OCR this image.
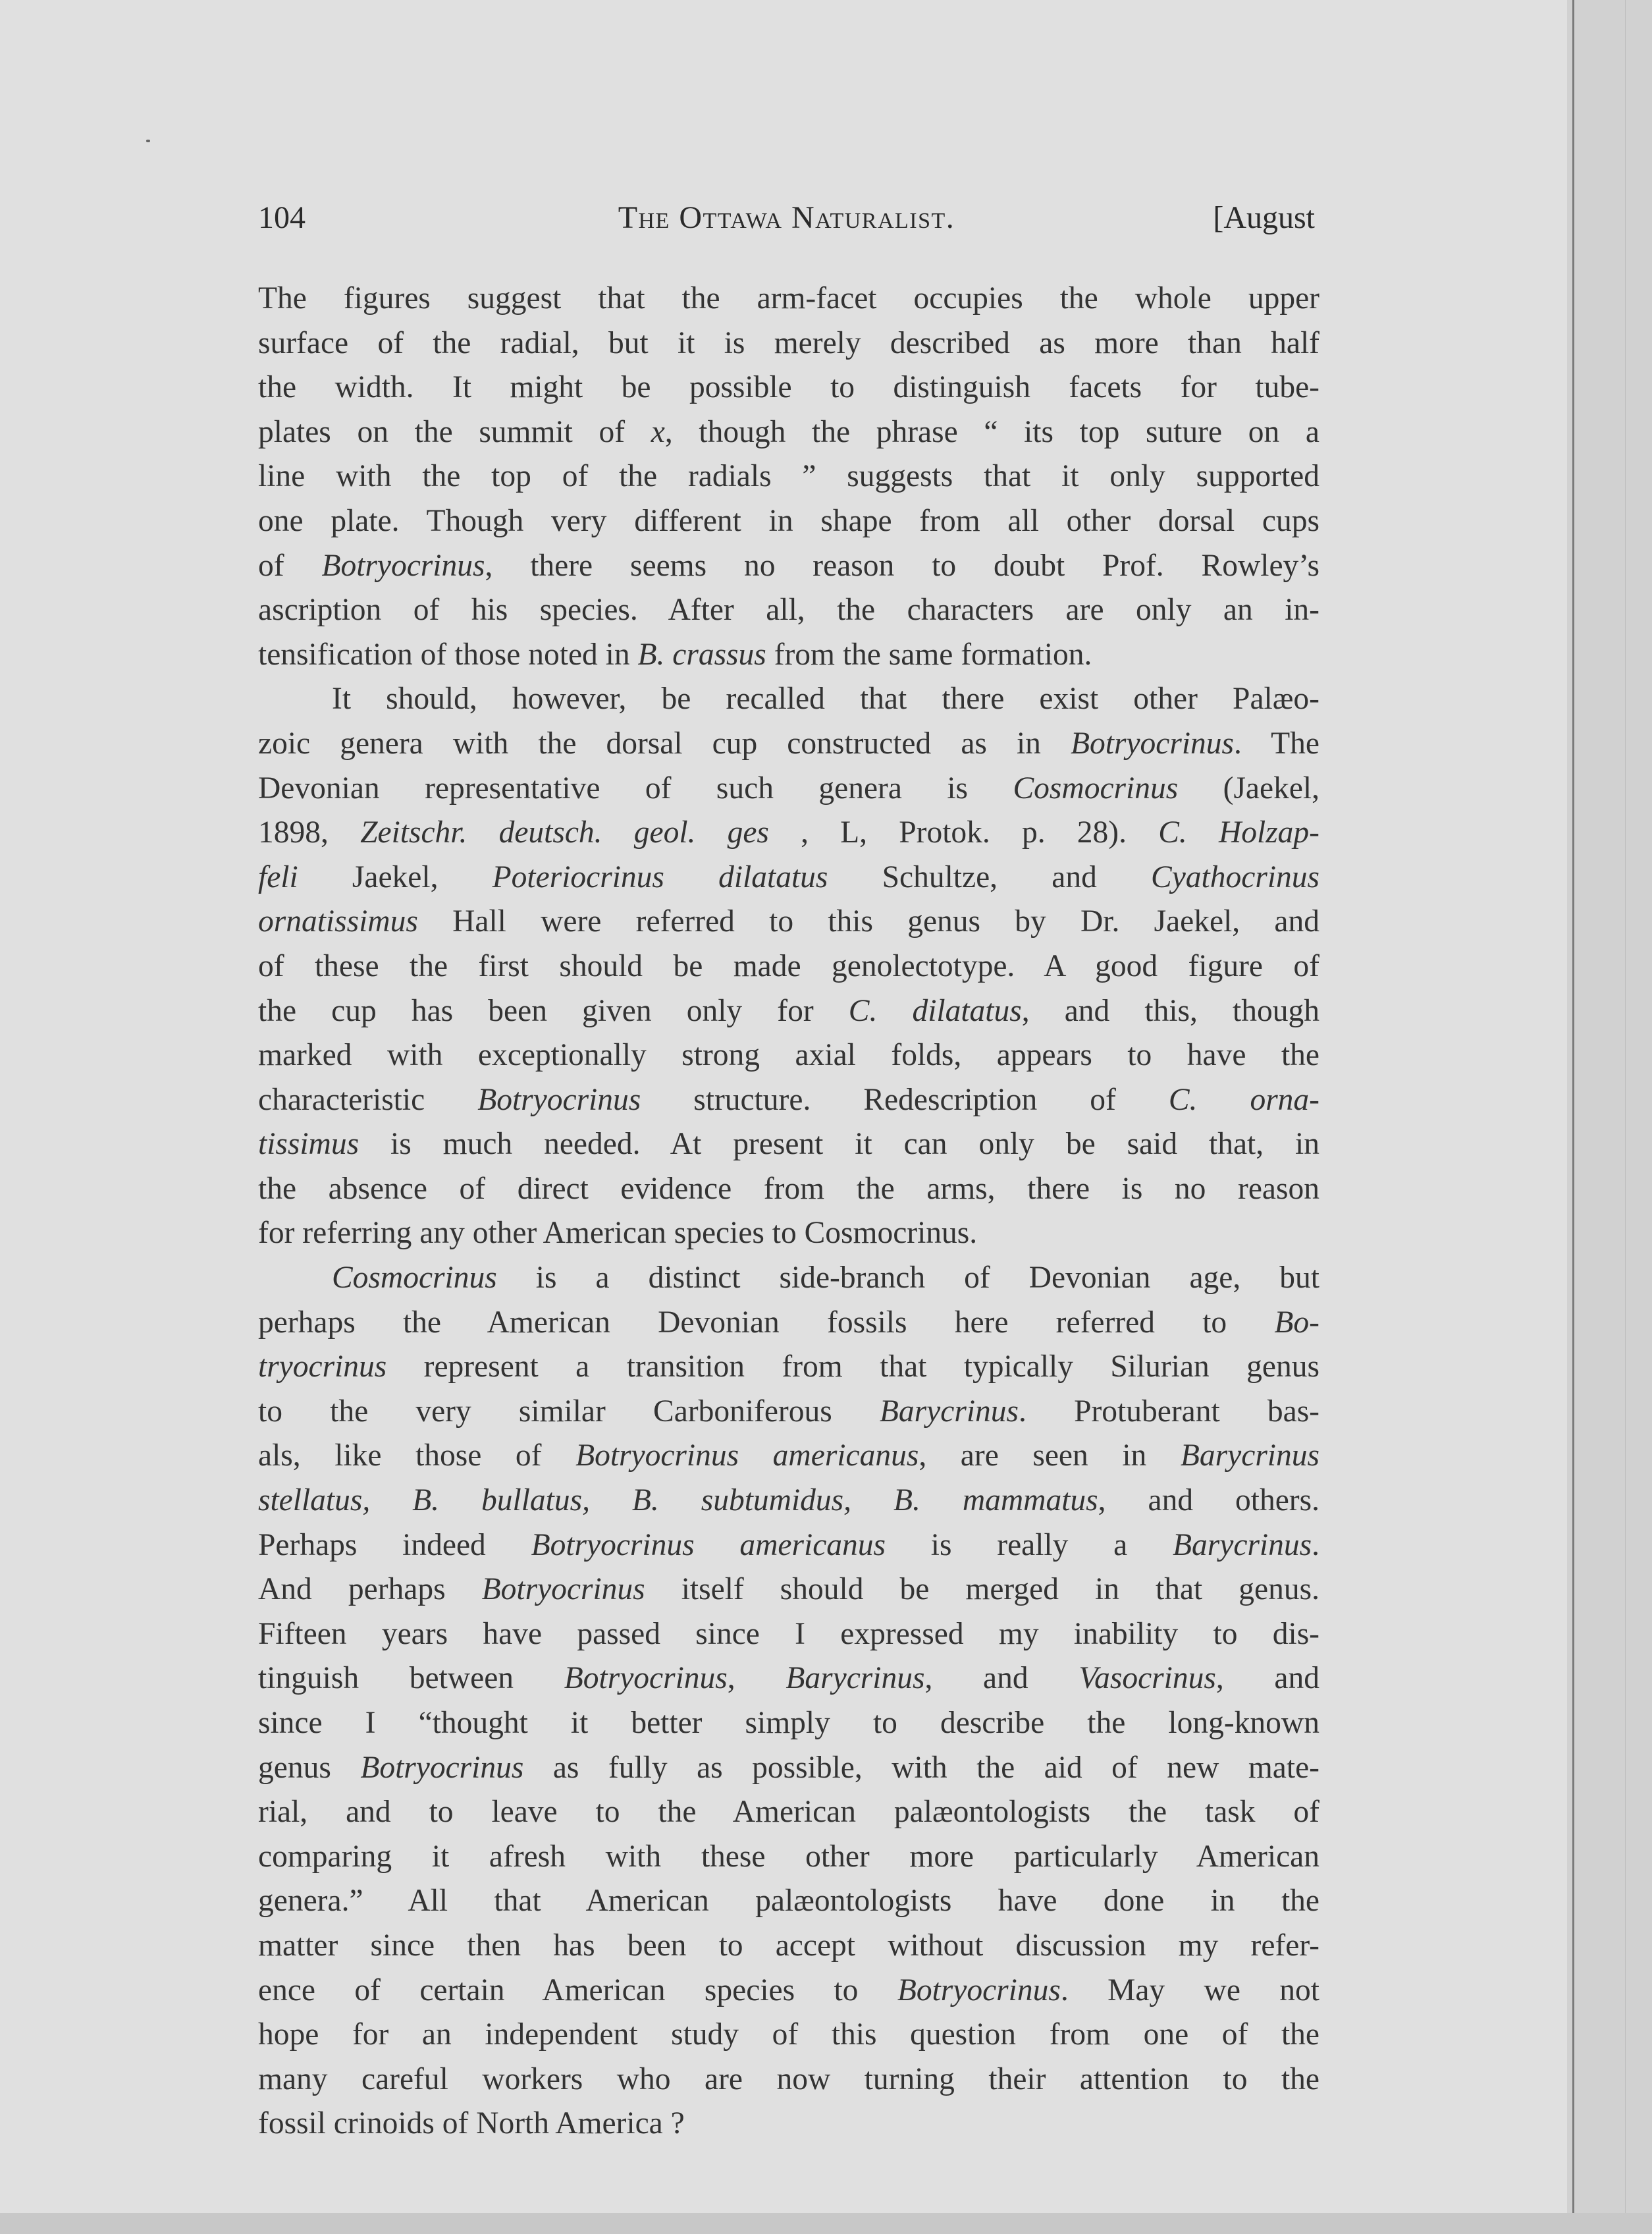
The Ottawa Naturalist.
104	[August
The figures suggest that the arm-facet occupies the whole upper
surface of the radial, but it is merely described as more than half
the width. It might be possible to distinguish facets for tube-
plates on the summit of x, though the phrase “ its top suture on a
line with the top of the radials ” suggests that it only supported
one plate. Though very different in shape from all other dorsal cups
of Botryocrinus, there seems no reason to doubt Prof. Rowley’s
ascription of his species. After all, the characters are only an in-
tensification of those noted in B. crassus from the same formation.
It should, however, be recalled that there exist other Palæo-
zoic genera with the dorsal cup constructed as in Botryocrinus. The
Devonian representative of such genera is Cosmocrinus (Jaekel,
1898, Zeitschr. deutsch. geol. ges , L, Protok. p. 28). C. Holzap-
feli Jaekel, Poteriocrinus dilatatus Schultze, and Cyathocrinus
ornatissimus Hall were referred to this genus by Dr. Jaekel, and
of these the first should be made genolectotype. A good figure of
the cup has been given only for C. dilatatus, and this, though
marked with exceptionally strong axial folds, appears to have the
characteristic Botryocrinus structure. Redescription of C. orna-
tissimus is much needed. At present it can only be said that, in
the absence of direct evidence from the arms, there is no reason
for referring any other American species to Cosmocrinus.
Cosmocrinus is a distinct side-branch of Devonian age, but
perhaps the American Devonian fossils here referred to Bo-
tryocrinus represent a transition from that typically Silurian genus
to the very similar Carboniferous Barycrinus. Protuberant bas-
als, like those of Botryocrinus americanus, are seen in Barycrinus
stellatus, B. bullatus, B. subtumidus, B. mammatus, and others.
Perhaps indeed Botryocrinus americanus is really a Barycrinus.
And perhaps Botryocrinus itself should be merged in that genus.
Fifteen years have passed since I expressed my inability to dis-
tinguish between Botryocrinus, Barycrinus, and Vasocrinus, and
since I “thought it better simply to describe the long-known
genus Botryocrinus as fully as possible, with the aid of new mate-
rial, and to leave to the American palæontologists the task of
comparing it afresh with these other more particularly American
genera.” All that American palæontologists have done in the
matter since then has been to accept without discussion my refer-
ence of certain American species to Botryocrinus. May we not
hope for an independent study of this question from one of the
many careful workers who are now turning their attention to the
fossil crinoids of North America ?
